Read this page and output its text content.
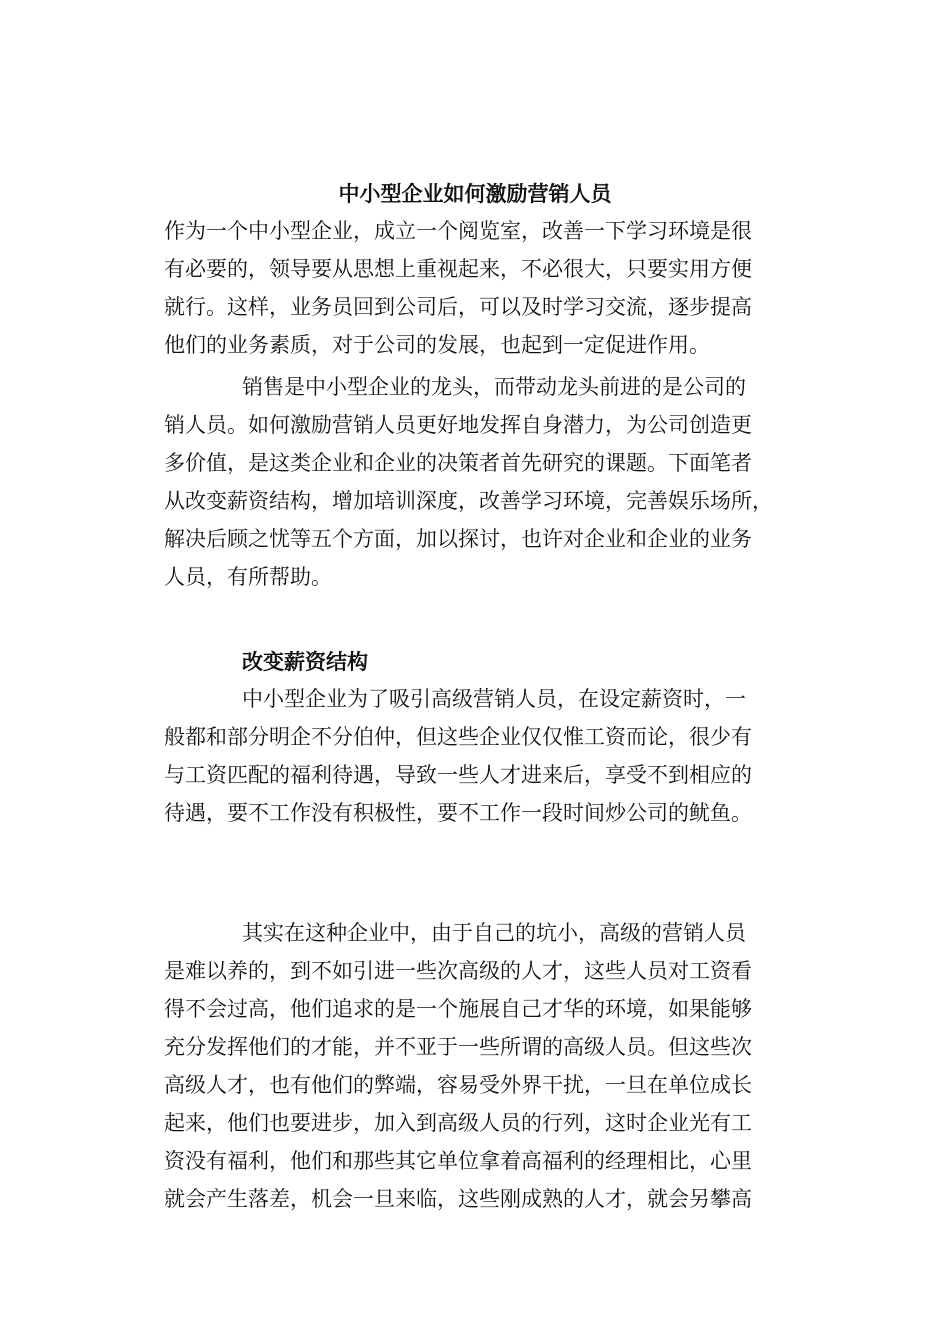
中小型企业如何激励营销人员

作为一个中小型企业，成立一个阅览室，改善一下学习环境是很
有必要的，领导要从思想上重视起来，不必很大，只要实用方便
就行。这样，业务员回到公司后，可以及时学习交流，逐步提高
他们的业务素质，对于公司的发展，也起到一定促进作用。

销售是中小型企业的龙头，而带动龙头前进的是公司的
销人员。如何激励营销人员更好地发挥自身潜力，为公司创造更
多价值，是这类企业和企业的决策者首先研究的课题。下面笔者
从改变薪资结构，增加培训深度，改善学习环境，完善娱乐场所，
解决后顾之忧等五个方面，加以探讨，也许对企业和企业的业务
人员，有所帮助。

改变薪资结构

中小型企业为了吸引高级营销人员，在设定薪资时，一
般都和部分明企不分伯仲，但这些企业仅仅惟工资而论，很少有
与工资匹配的福利待遇，导致一些人才进来后，享受不到相应的
待遇，要不工作没有积极性，要不工作一段时间炒公司的鱿鱼。

其实在这种企业中，由于自己的坑小，高级的营销人员
是难以养的，到不如引进一些次高级的人才，这些人员对工资看
得不会过高，他们追求的是一个施展自己才华的环境，如果能够
充分发挥他们的才能，并不亚于一些所谓的高级人员。但这些次
高级人才，也有他们的弊端，容易受外界干扰，一旦在单位成长
起来，他们也要进步，加入到高级人员的行列，这时企业光有工
资没有福利，他们和那些其它单位拿着高福利的经理相比，心里
就会产生落差，机会一旦来临，这些刚成熟的人才，就会另攀高
